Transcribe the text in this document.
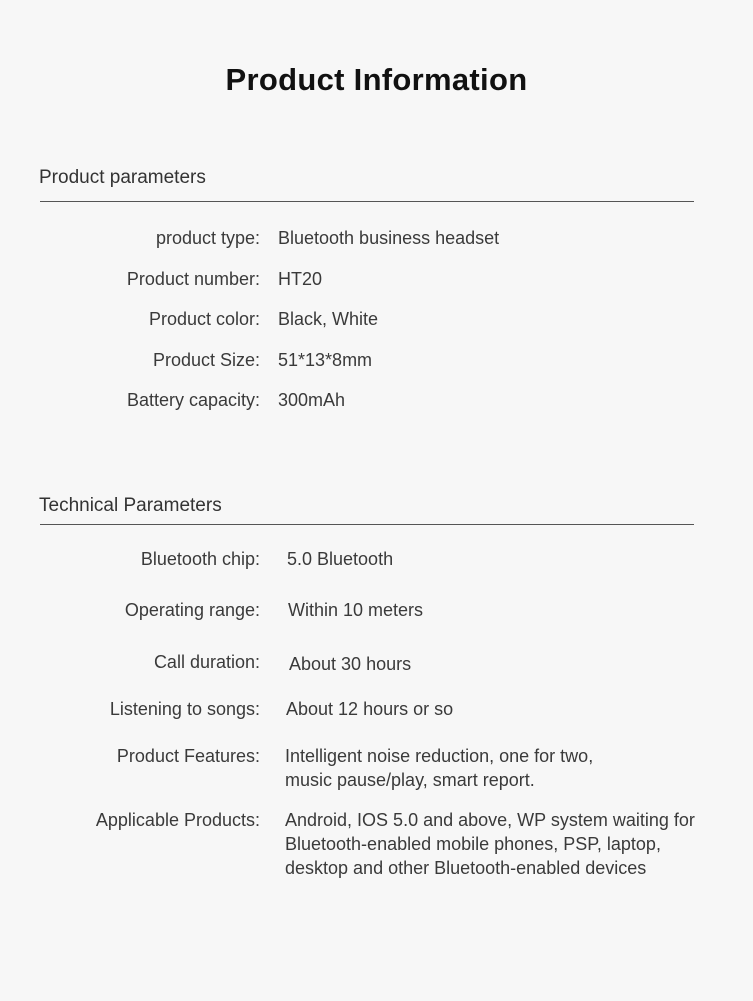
Product Information
Product parameters
product type: Bluetooth business headset
Product number: HT20
Product color: Black, White
Product Size: 51*13*8mm
Battery capacity: 300mAh
Technical Parameters
Bluetooth chip: 5.0 Bluetooth
Operating range: Within 10 meters
Call duration: About 30 hours
Listening to songs: About 12 hours or so
Product Features: Intelligent noise reduction, one for two, music pause/play, smart report.
Applicable Products: Android, IOS 5.0 and above, WP system waiting for Bluetooth-enabled mobile phones, PSP, laptop, desktop and other Bluetooth-enabled devices
